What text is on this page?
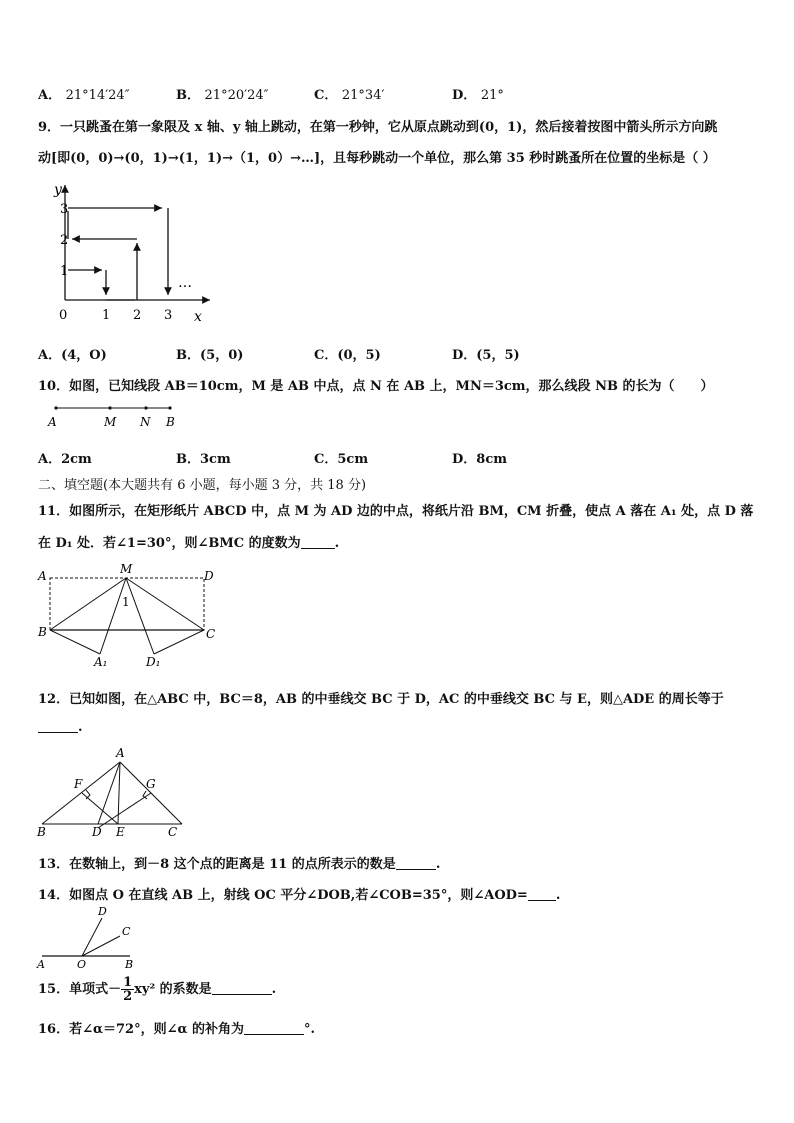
A． 21°14′24″	B． 21°20′24″	C． 21°34′	D． 21°
9．一只跳蚤在第一象限及 x 轴、y 轴上跳动，在第一秒钟，它从原点跳动到(0，1)，然后接着按图中箭头所示方向跳
动[即(0，0)→(0，1)→(1，1)→（1，0）→…]，且每秒跳动一个单位，那么第 35 秒时跳蚤所在位置的坐标是（ ）
y
x
0	1 2 3
1
2
3
…
A．(4，O)	B．(5，0)	C．(0，5)	D．(5，5)
10．如图，已知线段 AB＝10cm，M 是 AB 中点，点 N 在 AB 上，MN＝3cm，那么线段 NB 的长为（　　）
A	M N B
A．2cm	B．3cm	C．5cm	D．8cm
二、填空题(本大题共有 6 小题，每小题 3 分，共 18 分)
11．如图所示，在矩形纸片 ABCD 中，点 M 为 AD 边的中点，将纸片沿 BM，CM 折叠，使点 A 落在 A₁ 处，点 D 落
在 D₁ 处．若∠1=30°，则∠BMC 的度数为	.
A	M	D
B	C
1
A₁	D₁
12．已知如图，在△ABC 中，BC＝8，AB 的中垂线交 BC 于 D，AC 的中垂线交 BC 与 E，则△ADE 的周长等于
.
A
F	G
B	D E	C
13．在数轴上，到－8 这个点的距离是 11 的点所表示的数是	.
14．如图点 O 在直线 AB 上，射线 OC 平分∠DOB,若∠COB=35°，则∠AOD= .
D
C
A	O	B
15．单项式－ $\frac{1}{2} xy^2$ 的系数是	.
16．若∠α＝72°，则∠α 的补角为	°.
